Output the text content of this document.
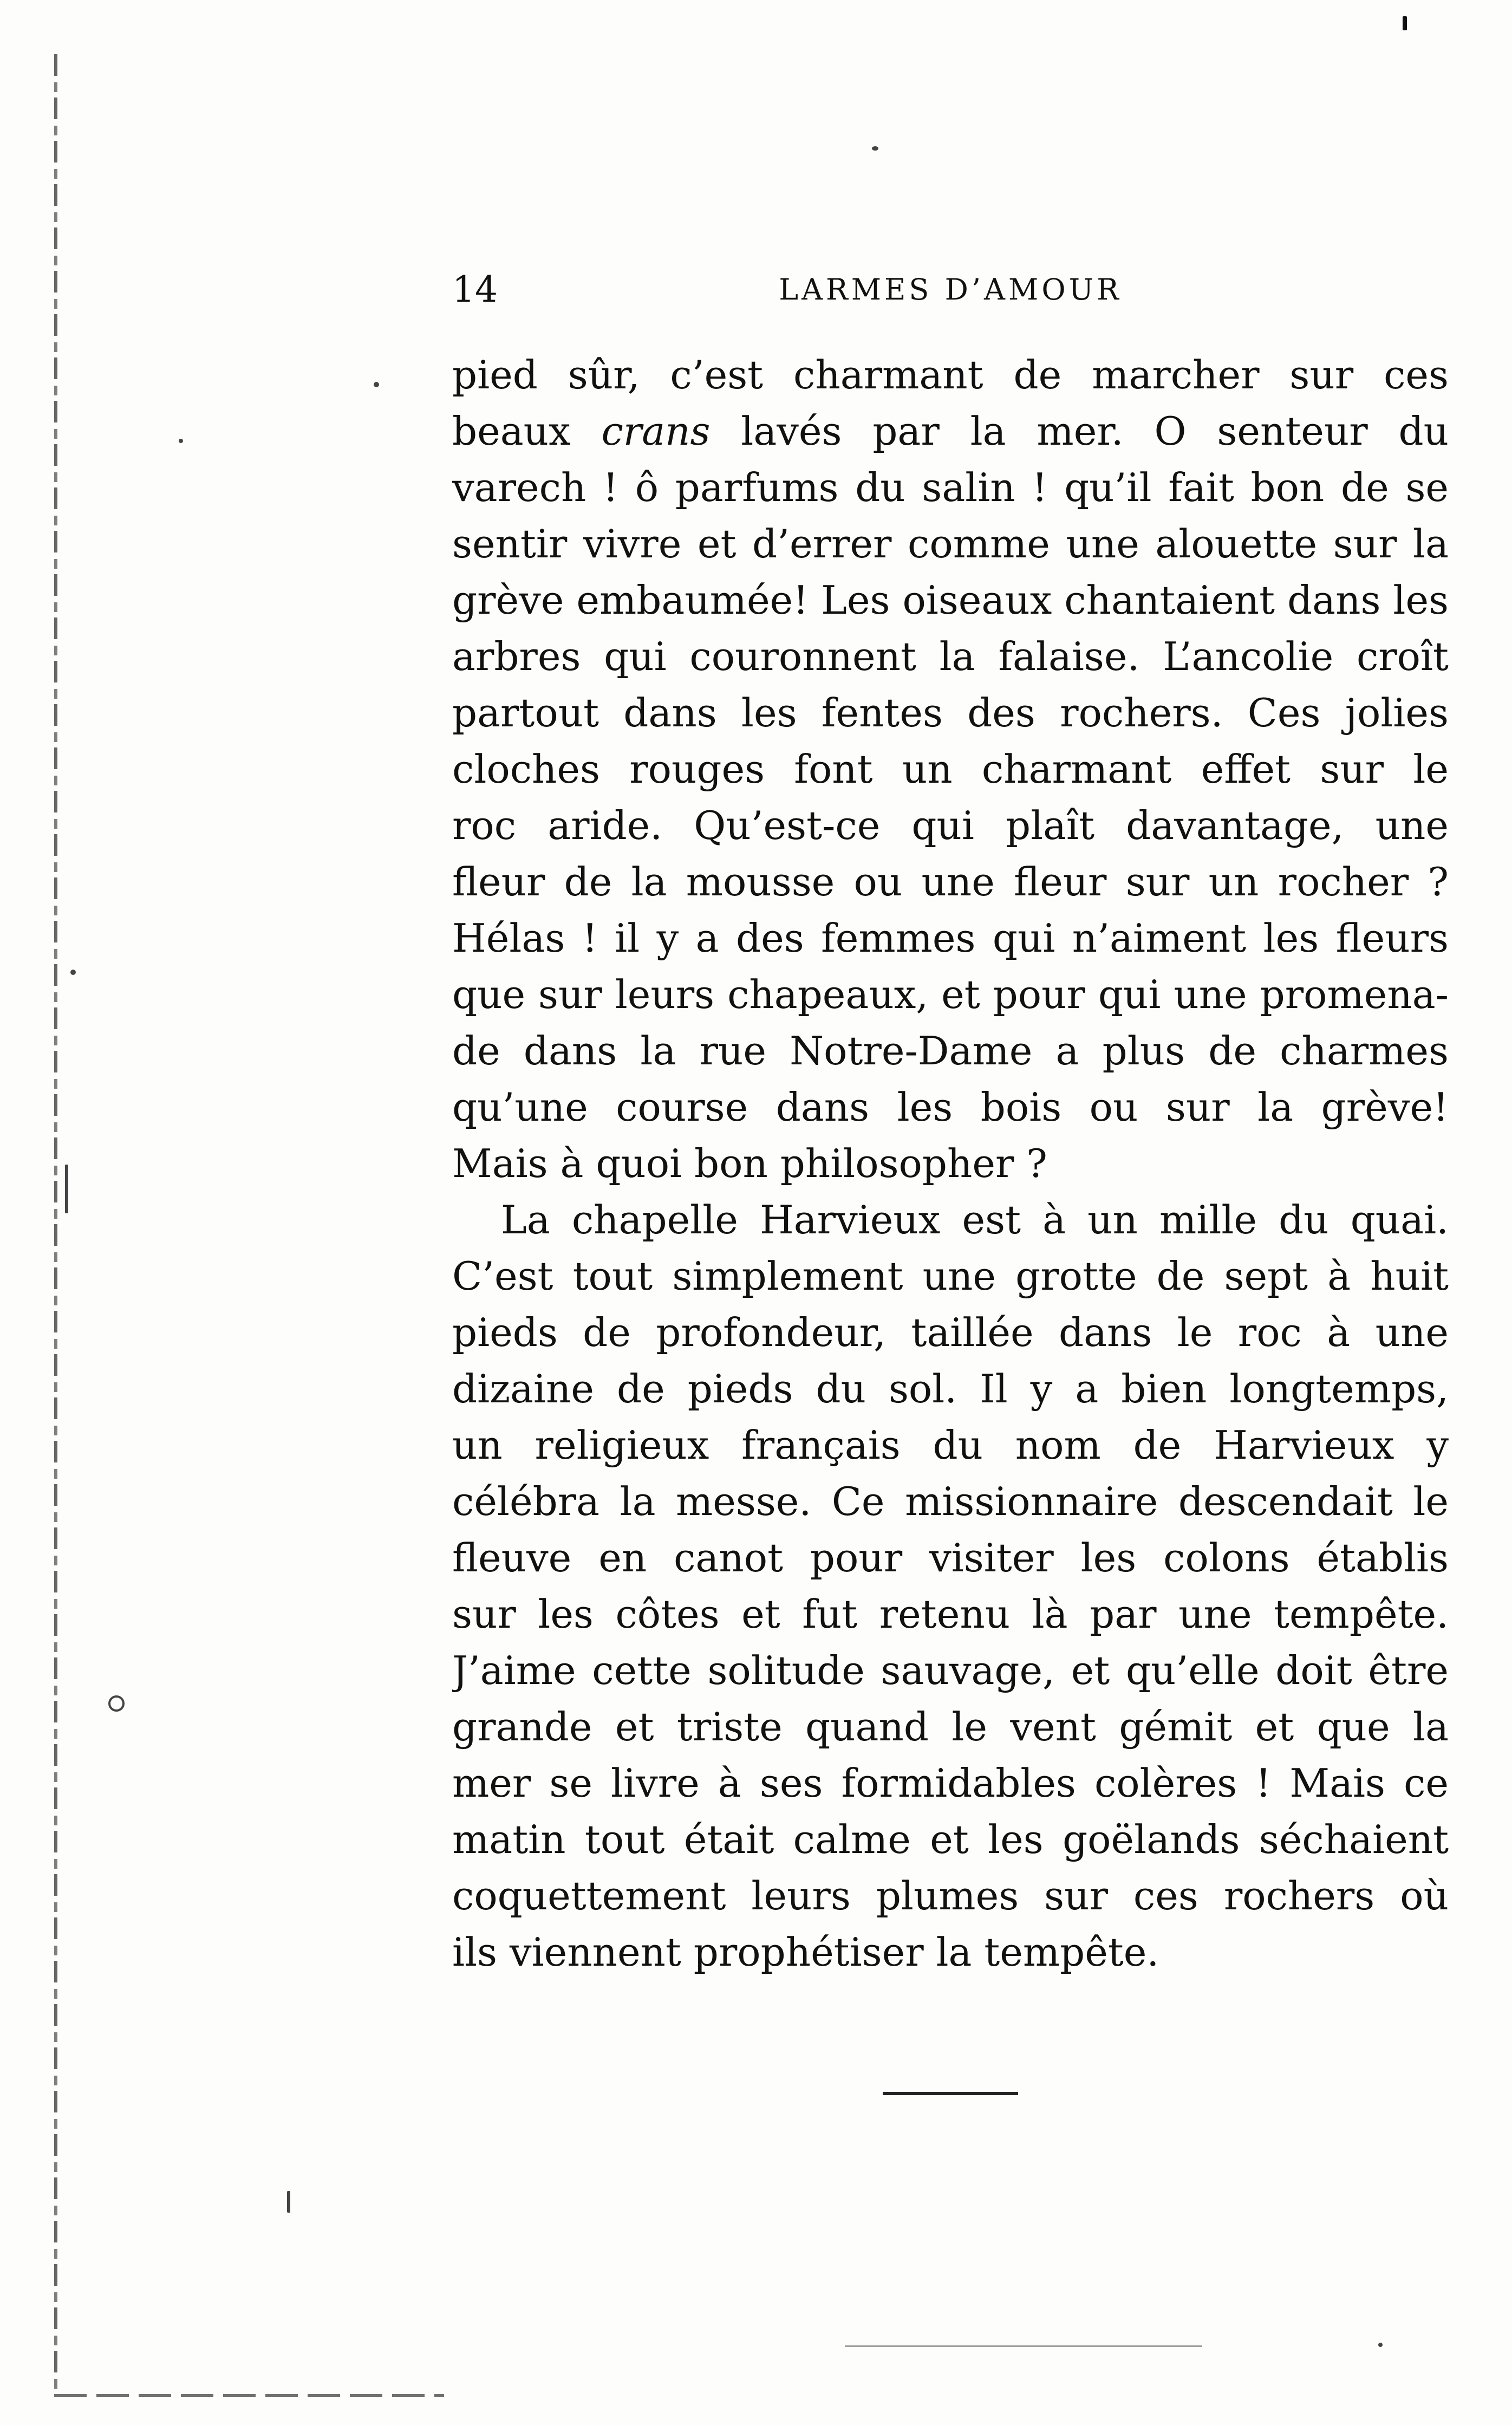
14	LARMES D’AMOUR
pied sûr, c’est charmant de marcher sur ces
beaux crans lavés par la mer. O senteur du
varech ! ô parfums du salin ! qu’il fait bon de se
sentir vivre et d’errer comme une alouette sur la
grève embaumée! Les oiseaux chantaient dans les
arbres qui couronnent la falaise. L’ancolie croît
partout dans les fentes des rochers. Ces jolies
cloches rouges font un charmant effet sur le
roc aride. Qu’est-ce qui plaît davantage, une
fleur de la mousse ou une fleur sur un rocher ?
Hélas ! il y a des femmes qui n’aiment les fleurs
que sur leurs chapeaux, et pour qui une promena-
de dans la rue Notre-Dame a plus de charmes
qu’une course dans les bois ou sur la grève!
Mais à quoi bon philosopher ?
La chapelle Harvieux est à un mille du quai.
C’est tout simplement une grotte de sept à huit
pieds de profondeur, taillée dans le roc à une
dizaine de pieds du sol. Il y a bien longtemps,
un religieux français du nom de Harvieux y
célébra la messe. Ce missionnaire descendait le
fleuve en canot pour visiter les colons établis
sur les côtes et fut retenu là par une tempête.
J’aime cette solitude sauvage, et qu’elle doit être
grande et triste quand le vent gémit et que la
mer se livre à ses formidables colères ! Mais ce
matin tout était calme et les goëlands séchaient
coquettement leurs plumes sur ces rochers où
ils viennent prophétiser la tempête.
